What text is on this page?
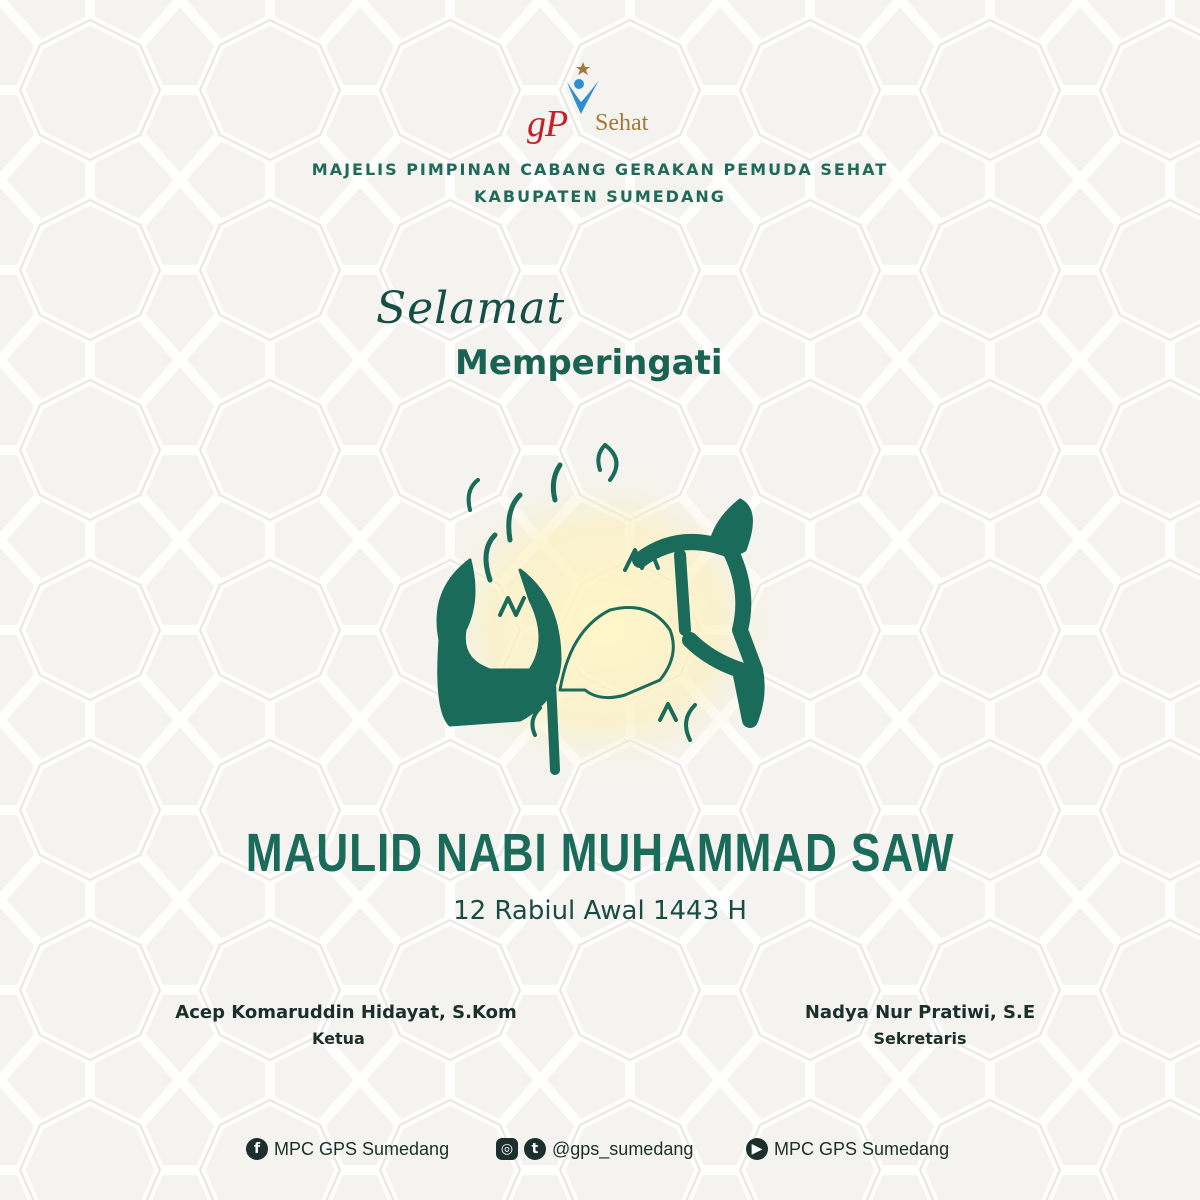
gP Sehat
MAJELIS PIMPINAN CABANG GERAKAN PEMUDA SEHAT
KABUPATEN SUMEDANG
Selamat
Memperingati
MAULID NABI MUHAMMAD SAW
12 Rabiul Awal 1443 H
Acep Komaruddin Hidayat, S.Kom
Ketua
Nadya Nur Pratiwi, S.E
Sekretaris
f MPC GPS Sumedang	◎	t @gps_sumedang	▶ MPC GPS Sumedang
